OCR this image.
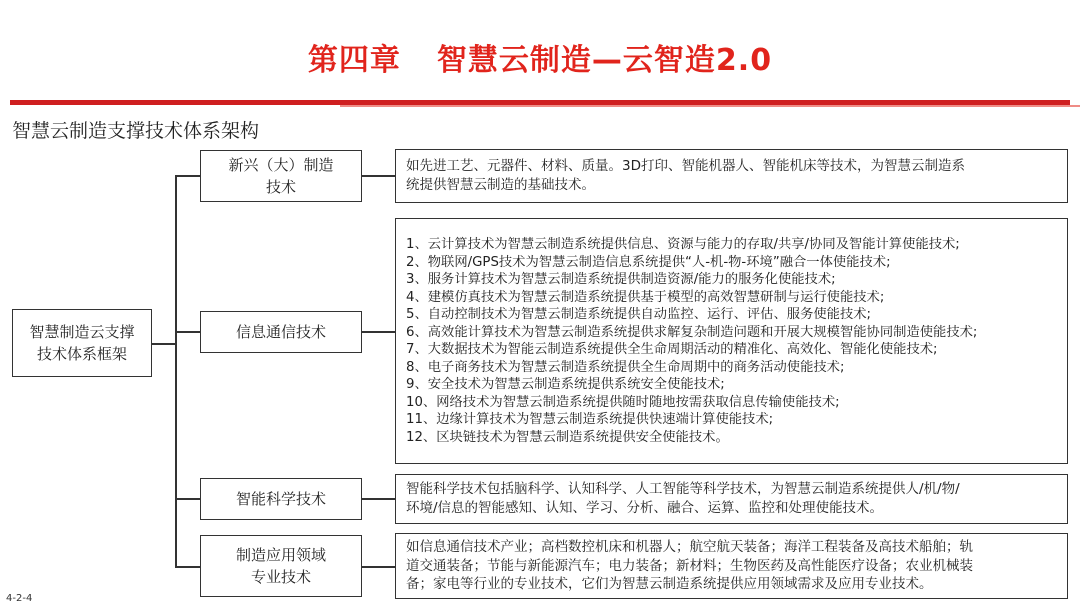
第四章 智慧云制造—云智造2.0
智慧云制造支撑技术体系架构
智慧制造云支撑
技术体系框架
新兴（大）制造
技术
如先进工艺、元器件、材料、质量。3D打印、智能机器人、智能机床等技术，为智慧云制造系
统提供智慧云制造的基础技术。
信息通信技术
1、云计算技术为智慧云制造系统提供信息、资源与能力的存取/共享/协同及智能计算使能技术;
2、物联网/GPS技术为智慧云制造信息系统提供“人-机-物-环境”融合一体使能技术;
3、服务计算技术为智慧云制造系统提供制造资源/能力的服务化使能技术;
4、建模仿真技术为智慧云制造系统提供基于模型的高效智慧研制与运行使能技术;
5、自动控制技术为智慧云制造系统提供自动监控、运行、评估、服务使能技术;
6、高效能计算技术为智慧云制造系统提供求解复杂制造问题和开展大规模智能协同制造使能技术;
7、大数据技术为智能云制造系统提供全生命周期活动的精准化、高效化、智能化使能技术;
8、电子商务技术为智慧云制造系统提供全生命周期中的商务活动使能技术;
9、安全技术为智慧云制造系统提供系统安全使能技术;
10、网络技术为智慧云制造系统提供随时随地按需获取信息传输使能技术;
11、边缘计算技术为智慧云制造系统提供快速端计算使能技术;
12、区块链技术为智慧云制造系统提供安全使能技术。
智能科学技术
智能科学技术包括脑科学、认知科学、人工智能等科学技术，为智慧云制造系统提供人/机/物/
环境/信息的智能感知、认知、学习、分析、融合、运算、监控和处理使能技术。
制造应用领域
专业技术
如信息通信技术产业；高档数控机床和机器人；航空航天装备；海洋工程装备及高技术船舶；轨
道交通装备；节能与新能源汽车；电力装备；新材料；生物医药及高性能医疗设备；农业机械装
备；家电等行业的专业技术，它们为智慧云制造系统提供应用领域需求及应用专业技术。
4-2-4
